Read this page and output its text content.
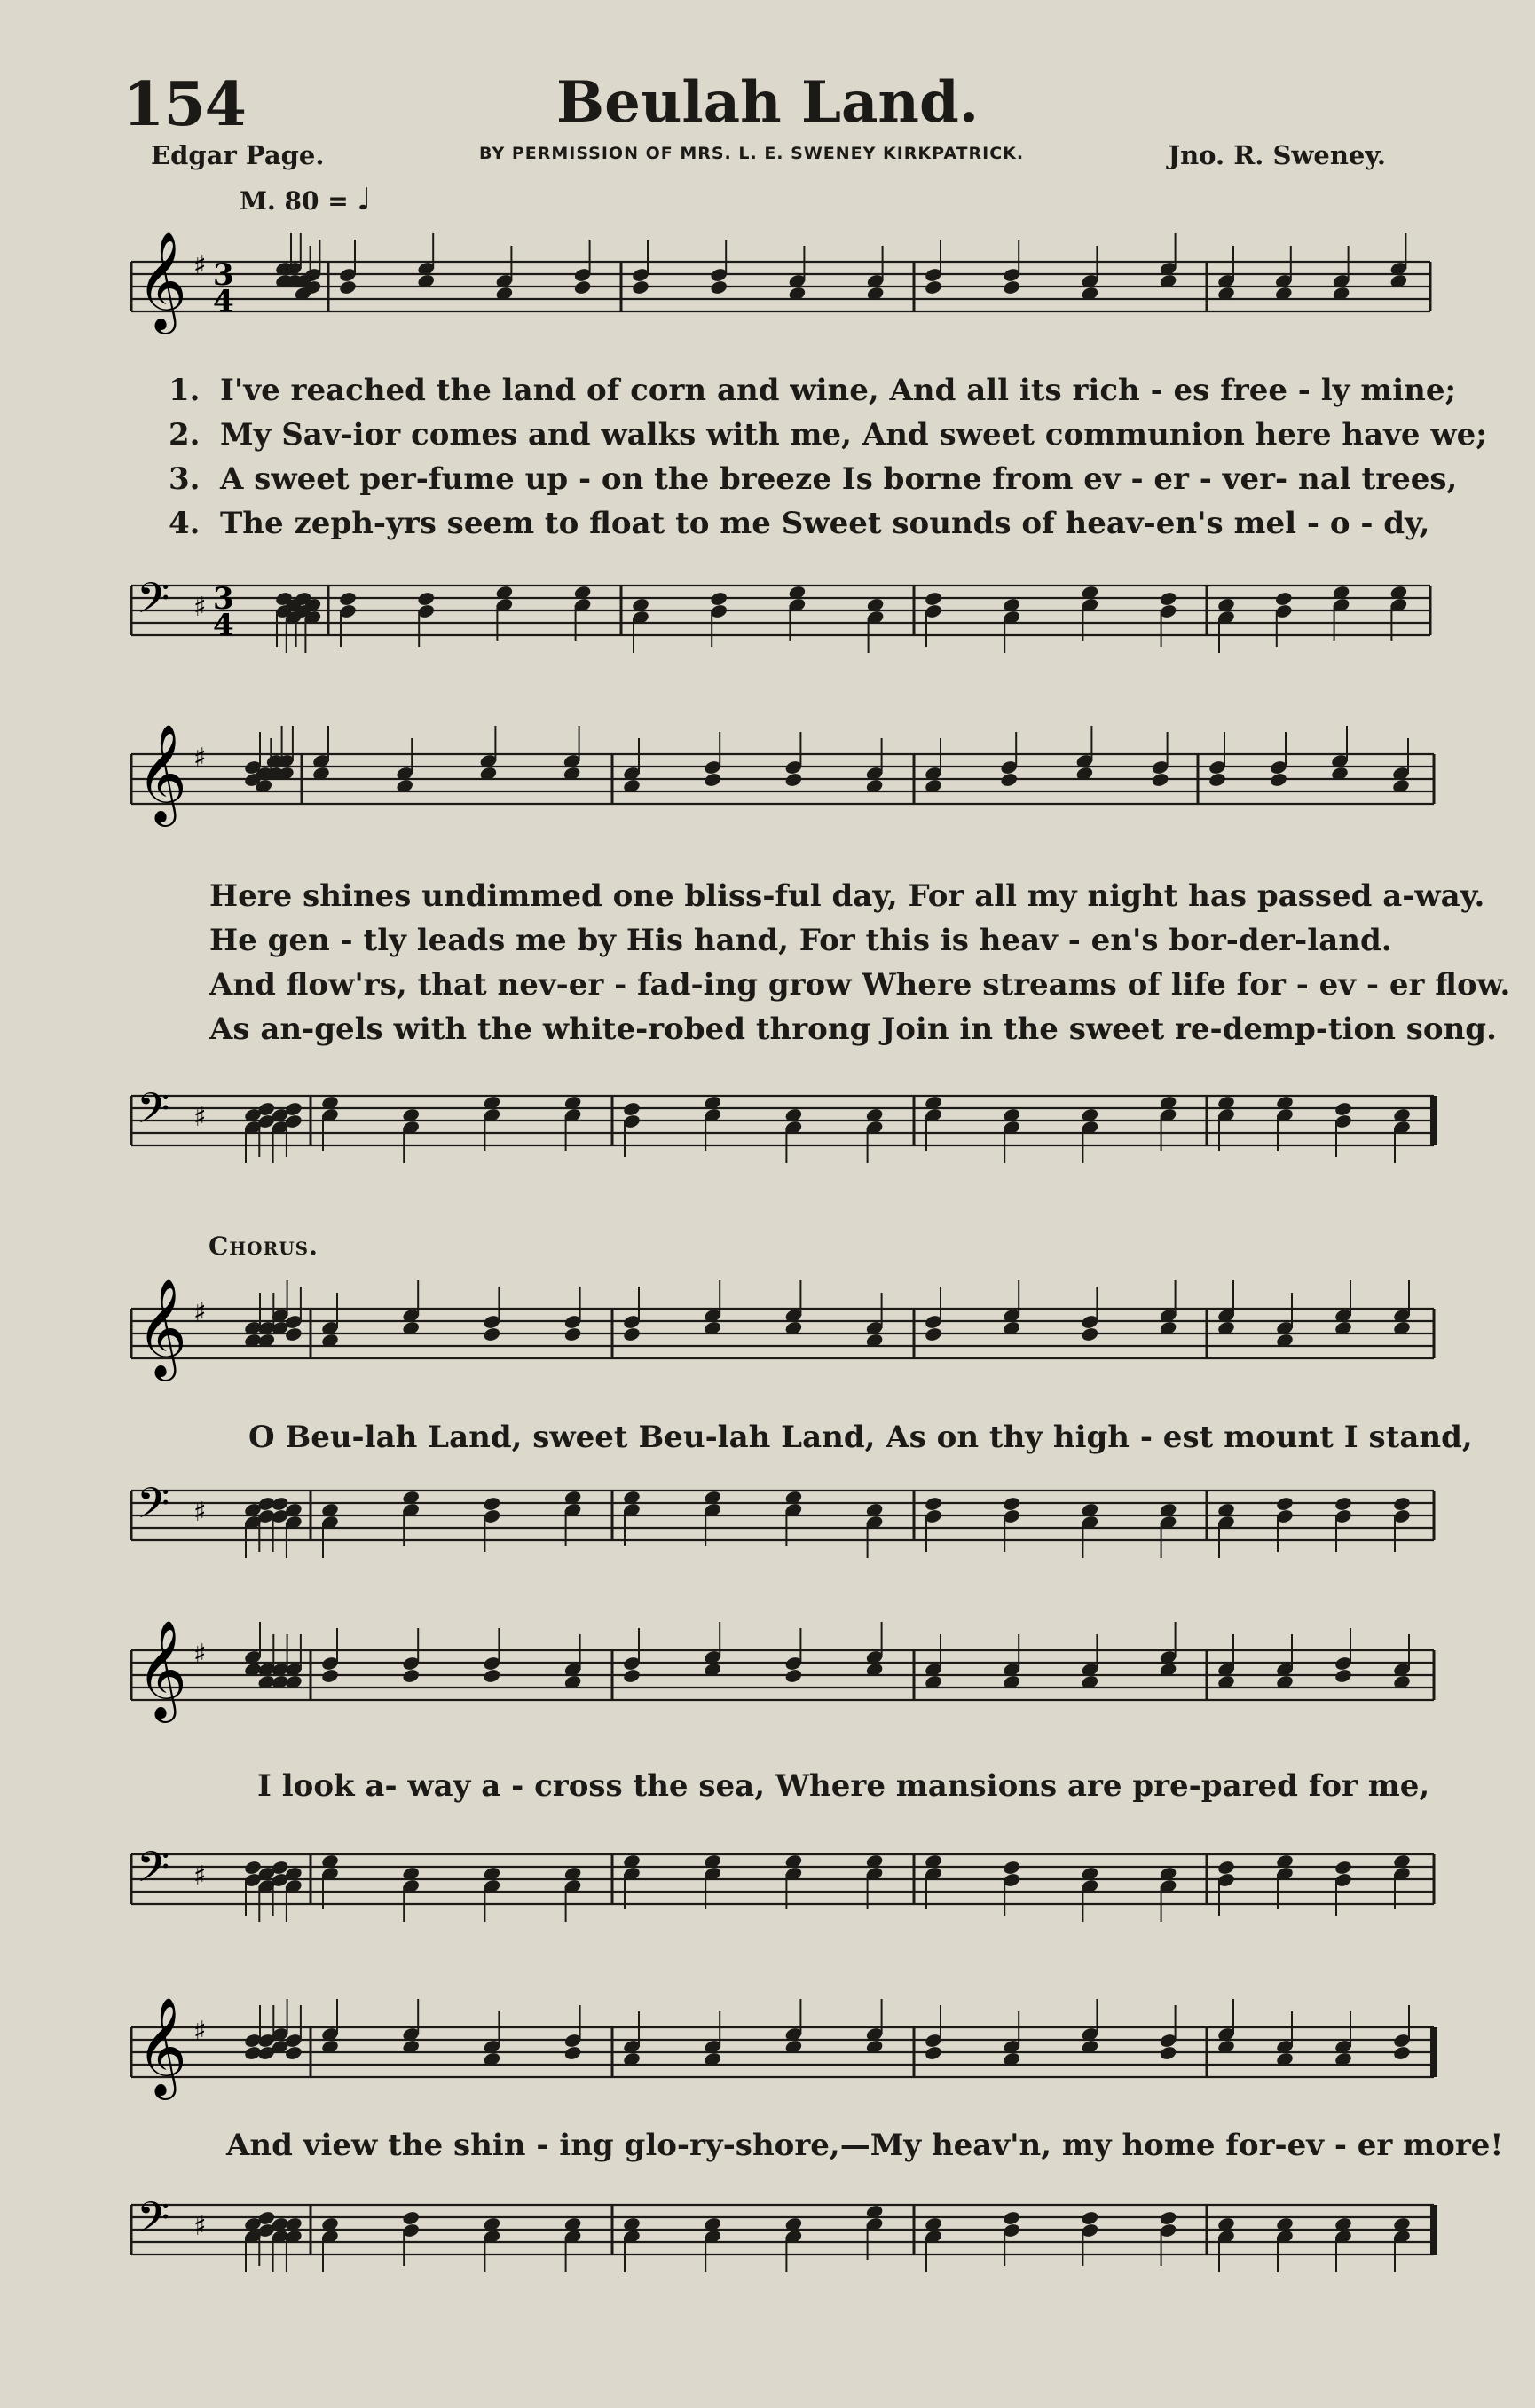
154	Beulah Land.
Edgar Page.	BY PERMISSION OF MRS. L. E. SWENEY KIRKPATRICK.	Jno. R. Sweney.
M. 80 = ♩
𝄞 ♯ 3
4
1. I've reached the land of corn and wine, And all its rich - es free - ly mine;
2. My Sav-ior comes and walks with me, And sweet communion here have we;
3. A sweet per-fume up - on the breeze Is borne from ev - er - ver- nal trees,
4. The zeph-yrs seem to float to me Sweet sounds of heav-en's mel - o - dy,
𝄢 ♯ 3
4
𝄞 ♯
Here shines undimmed one bliss-ful day, For all my night has passed a-way.
He gen - tly leads me by His hand, For this is heav - en's bor-der-land.
And flow'rs, that nev-er - fad-ing grow Where streams of life for - ev - er flow.
As an-gels with the white-robed throng Join in the sweet re-demp-tion song.
𝄢 ♯
Chorus.
𝄞 ♯
O Beu-lah Land, sweet Beu-lah Land, As on thy high - est mount I stand,
𝄢 ♯
𝄞 ♯
I look a- way a - cross the sea, Where mansions are pre-pared for me,
𝄢 ♯
𝄞 ♯
And view the shin - ing glo-ry-shore,—My heav'n, my home for-ev - er more!
𝄢 ♯
